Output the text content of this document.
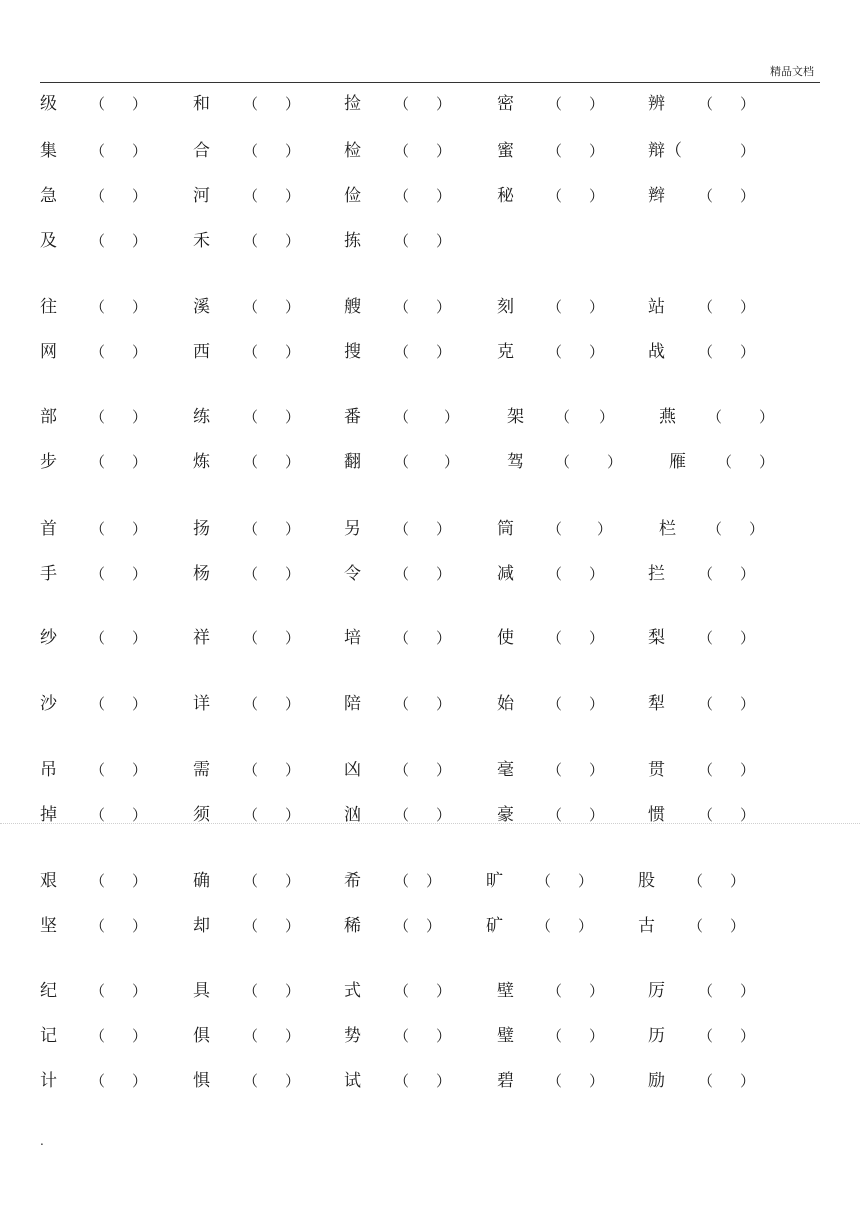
精品文档
级 （ ）	和 （ ）	捡 （ ）	密 （ ）	辨 （ ）
集 （ ）	合 （ ）	检 （ ）	蜜 （ ）	辩（	）
急 （ ）	河 （ ）	俭 （ ）	秘 （ ）	辫 （ ）
及 （ ）	禾 （ ）	拣 （ ）
往 （ ）	溪 （ ）	艘 （ ）	刻 （ ）	站 （ ）
网 （ ）	西 （ ）	搜 （ ）	克 （ ）	战 （ ）
部 （ ）	练 （ ）	番 （ ）	架 （ ）	燕 （ ）
步 （ ）	炼 （ ）	翻 （ ）	驾 （ ）	雁 （ ）
首 （ ）	扬 （ ）	另 （ ）	筒 （ ）	栏 （ ）
手 （ ）	杨 （ ）	令 （ ）	减 （ ）	拦 （ ）
纱 （ ）	祥 （ ）	培 （ ）	使 （ ）	梨 （ ）
沙 （ ）	详 （ ）	陪 （ ）	始 （ ）	犁 （ ）
吊 （ ）	需 （ ）	凶 （ ）	毫 （ ）	贯 （ ）
掉 （ ）	须 （ ）	汹 （ ）	豪 （ ）	惯 （ ）
艰 （ ）	确 （ ）	希 （ ）	旷 （ ）	股 （ ）
坚 （ ）	却 （ ）	稀 （ ）	矿 （ ）	古 （ ）
纪 （ ）	具 （ ）	式 （ ）	壁 （ ）	厉 （ ）
记 （ ）	俱 （ ）	势 （ ）	璧 （ ）	历 （ ）
计 （ ）	惧 （ ）	试 （ ）	碧 （ ）	励 （ ）
.
